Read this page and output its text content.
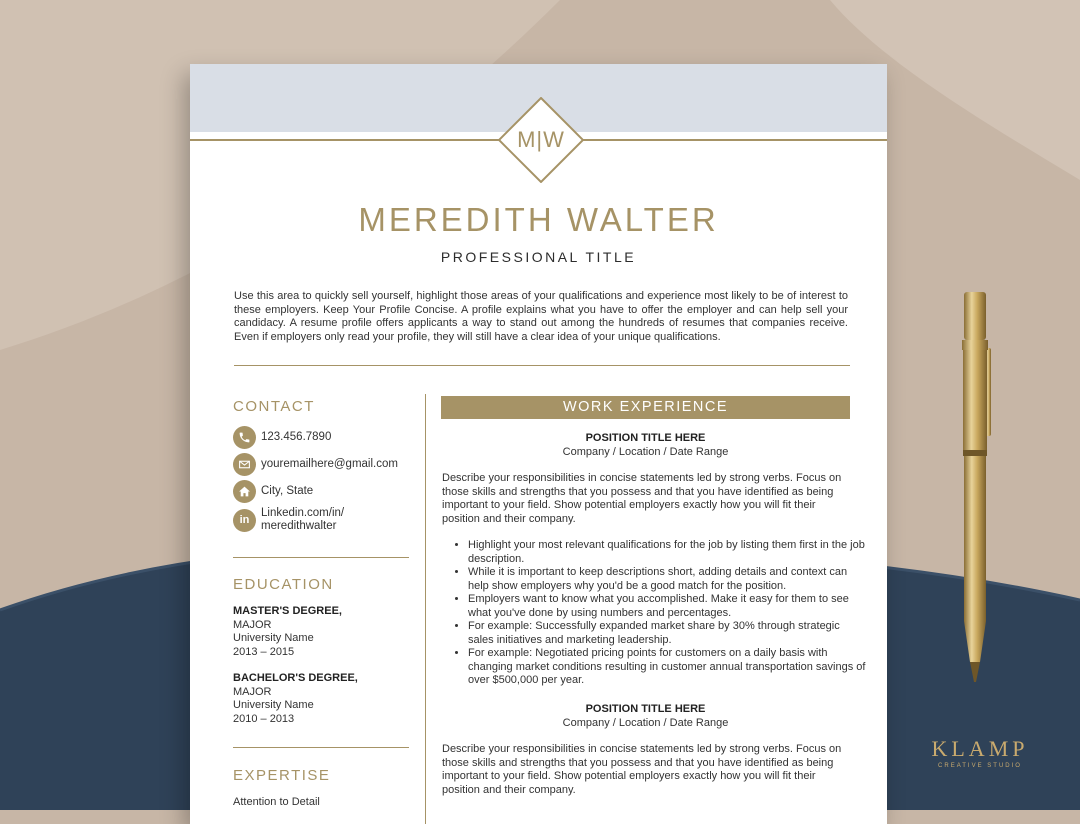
M|W
MEREDITH WALTER
PROFESSIONAL TITLE
Use this area to quickly sell yourself, highlight those areas of your qualifications and experience most likely to be of interest to these employers. Keep Your Profile Concise. A profile explains what you have to offer the employer and can help sell your candidacy. A resume profile offers applicants a way to stand out among the hundreds of resumes that companies receive. Even if employers only read your profile, they will still have a clear idea of your unique qualifications.
CONTACT
123.456.7890
youremailhere@gmail.com
City, State
in
Linkedin.com/in/
meredithwalter
EDUCATION
MASTER'S DEGREE,
MAJOR
University Name
2013 – 2015
BACHELOR'S DEGREE,
MAJOR
University Name
2010 – 2013
EXPERTISE
Attention to Detail
WORK EXPERIENCE
POSITION TITLE HERE
Company / Location / Date Range
Describe your responsibilities in concise statements led by strong verbs. Focus on those skills and strengths that you possess and that you have identified as being important to your field. Show potential employers exactly how you will fit their position and their company.
• Highlight your most relevant qualifications for the job by listing them first in the job description.
• While it is important to keep descriptions short, adding details and context can help show employers why you'd be a good match for the position.
• Employers want to know what you accomplished. Make it easy for them to see what you've done by using numbers and percentages.
• For example: Successfully expanded market share by 30% through strategic sales initiatives and marketing leadership.
• For example: Negotiated pricing points for customers on a daily basis with changing market conditions resulting in customer annual transportation savings of over $500,000 per year.
POSITION TITLE HERE
Company / Location / Date Range
Describe your responsibilities in concise statements led by strong verbs. Focus on those skills and strengths that you possess and that you have identified as being important to your field. Show potential employers exactly how you will fit their position and their company.
KLAMP
CREATIVE STUDIO
